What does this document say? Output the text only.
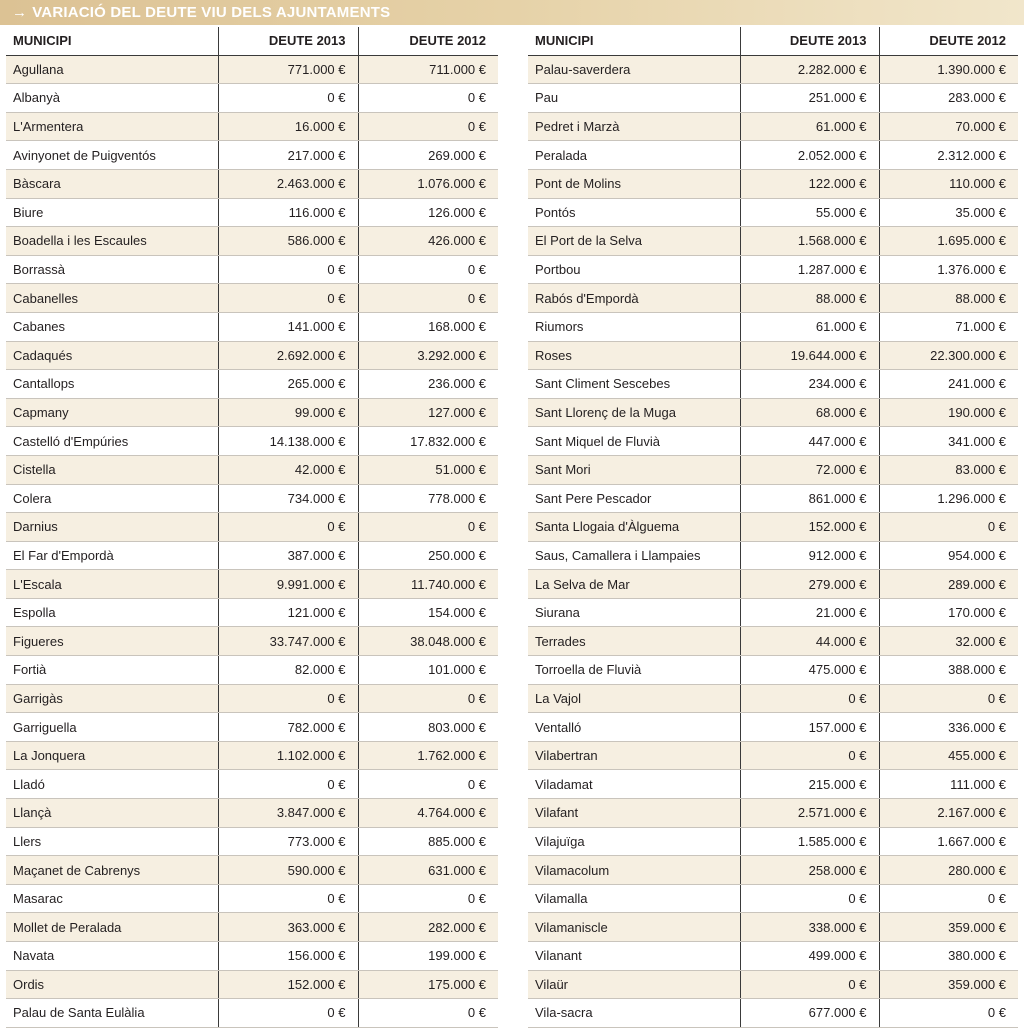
→ VARIACIÓ DEL DEUTE VIU DELS AJUNTAMENTS
MUNICIPI	DEUTE 2013	DEUTE 2012
Agullana	771.000 €	711.000 €
Albanyà	0 €	0 €
L'Armentera	16.000 €	0 €
Avinyonet de Puigventós	217.000 €	269.000 €
Bàscara	2.463.000 €	1.076.000 €
Biure	116.000 €	126.000 €
Boadella i les Escaules	586.000 €	426.000 €
Borrassà	0 €	0 €
Cabanelles	0 €	0 €
Cabanes	141.000 €	168.000 €
Cadaqués	2.692.000 €	3.292.000 €
Cantallops	265.000 €	236.000 €
Capmany	99.000 €	127.000 €
Castelló d'Empúries	14.138.000 €	17.832.000 €
Cistella	42.000 €	51.000 €
Colera	734.000 €	778.000 €
Darnius	0 €	0 €
El Far d'Empordà	387.000 €	250.000 €
L'Escala	9.991.000 €	11.740.000 €
Espolla	121.000 €	154.000 €
Figueres	33.747.000 €	38.048.000 €
Fortià	82.000 €	101.000 €
Garrigàs	0 €	0 €
Garriguella	782.000 €	803.000 €
La Jonquera	1.102.000 €	1.762.000 €
Lladó	0 €	0 €
Llançà	3.847.000 €	4.764.000 €
Llers	773.000 €	885.000 €
Maçanet de Cabrenys	590.000 €	631.000 €
Masarac	0 €	0 €
Mollet de Peralada	363.000 €	282.000 €
Navata	156.000 €	199.000 €
Ordis	152.000 €	175.000 €
Palau de Santa Eulàlia	0 €	0 €
MUNICIPI	DEUTE 2013	DEUTE 2012
Palau-saverdera	2.282.000 €	1.390.000 €
Pau	251.000 €	283.000 €
Pedret i Marzà	61.000 €	70.000 €
Peralada	2.052.000 €	2.312.000 €
Pont de Molins	122.000 €	110.000 €
Pontós	55.000 €	35.000 €
El Port de la Selva	1.568.000 €	1.695.000 €
Portbou	1.287.000 €	1.376.000 €
Rabós d'Empordà	88.000 €	88.000 €
Riumors	61.000 €	71.000 €
Roses	19.644.000 €	22.300.000 €
Sant Climent Sescebes	234.000 €	241.000 €
Sant Llorenç de la Muga	68.000 €	190.000 €
Sant Miquel de Fluvià	447.000 €	341.000 €
Sant Mori	72.000 €	83.000 €
Sant Pere Pescador	861.000 €	1.296.000 €
Santa Llogaia d'Àlguema	152.000 €	0 €
Saus, Camallera i Llampaies	912.000 €	954.000 €
La Selva de Mar	279.000 €	289.000 €
Siurana	21.000 €	170.000 €
Terrades	44.000 €	32.000 €
Torroella de Fluvià	475.000 €	388.000 €
La Vajol	0 €	0 €
Ventalló	157.000 €	336.000 €
Vilabertran	0 €	455.000 €
Viladamat	215.000 €	111.000 €
Vilafant	2.571.000 €	2.167.000 €
Vilajuïga	1.585.000 €	1.667.000 €
Vilamacolum	258.000 €	280.000 €
Vilamalla	0 €	0 €
Vilamaniscle	338.000 €	359.000 €
Vilanant	499.000 €	380.000 €
Vilaür	0 €	359.000 €
Vila-sacra	677.000 €	0 €
